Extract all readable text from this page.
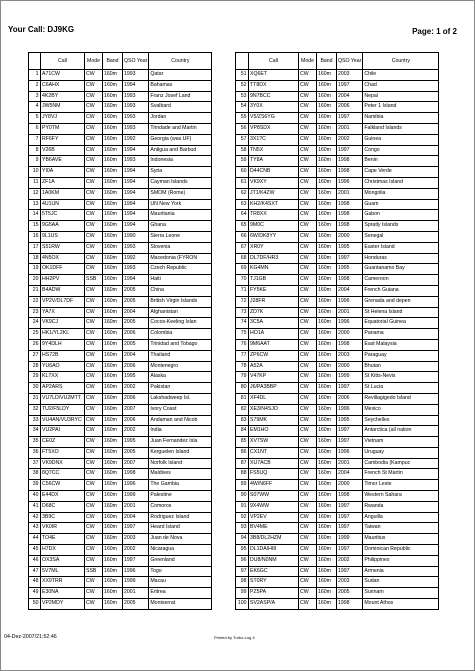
Your Call: DJ9KG	Page: 1 of 2
	Call	Mode	Band	QSO Year	Country
1	A71CW	CW	160m	1993	Qatar
2	C6AHX	CW	160m	1994	Bahamas
3	4K2BY	CW	160m	1993	Franz Josef Land
4	JW5NM	CW	160m	1993	Svalbard
5	JY8VJ	CW	160m	1993	Jordan
6	PY0TM	CW	160m	1993	Trindade and Martin
7	RF6FY	CW	160m	1992	Georgia (was UF)
8	V26B	CW	160m	1994	Antigua and Barbud
9	YB6AVE	CW	160m	1993	Indonesia
10	YI0A	CW	160m	1994	Syria
11	ZF1A	CW	160m	1994	Cayman Islands
12	1A0KM	CW	160m	1994	SMOM (Rome)
13	4U1UN	CW	160m	1994	UN New York
14	5T5JC	CW	160m	1994	Mauritania
15	9G5AA	CW	160m	1994	Ghana
16	9L1US	CW	160m	1990	Sierra Leone
17	S51RW	CW	160m	1993	Slovenia
18	4N5OX	CW	160m	1992	Macedonia (FYRON
19	OK1DFF	CW	160m	1993	Czech Republic
20	HH2PV	SSB	160m	1994	Haiti
21	B4ADW	CW	160m	2005	China
22	VP2V/DL7DF	CW	160m	2005	British Virgin Islands
23	YA7X	CW	160m	2004	Afghanistan
24	VK9CJ	CW	160m	2005	Cocos-Keeling Islan
25	HK1/YL2KL	CW	160m	2006	Colombia
26	9Y4DLH	CW	160m	2005	Trinidad and Tobago
27	HS72B	CW	160m	2004	Thailand
28	YU6AO	CW	160m	2006	Montenegro
29	KL7XX	CW	160m	1995	Alaska
30	AP2ARS	CW	160m	2002	Pakistan
31	VU7LD/VU2MTT	CW	160m	2006	Lakshadweep Isl.
32	TU2/F5LDY	CW	160m	2007	Ivory Coast
33	VU4AN/VU3RYC	CW	160m	2006	Andaman and Nicob
34	VU2PAI	CW	160m	2002	India
35	CE0Z	CW	160m	1995	Juan Fernandez Isla
36	FT5XO	CW	160m	2005	Kerguelen Island
37	VK9DNX	CW	160m	2007	Norfolk Island
38	8Q7CC	CW	160m	1998	Maldives
39	C56CW	CW	160m	1996	The Gambia
40	E44DX	CW	160m	1999	Palestine
41	D68C	CW	160m	2001	Comoros
42	3B9C	CW	160m	2004	Rodriguez Island
43	VK0IR	CW	160m	1997	Heard Island
44	TO4E	CW	160m	2003	Juan de Nova
45	H7DX	CW	160m	2002	Nicaragua
46	OX3SA	CW	160m	1997	Greenland
47	5V7ML	SSB	160m	1996	Togo
48	XX9TRR	CW	160m	1999	Macau
49	E30NA	CW	160m	2001	Eritrea
50	VP2MDY	CW	160m	2005	Montserrat
	Call	Mode	Band	QSO Year	Country
51	XQ6ET	CW	160m	2003	Chile
52	TT8DX	CW	160m	1997	Chad
53	9N7BCC	CW	160m	2004	Nepal
54	3Y0X	CW	160m	2006	Peter 1 Island
55	V5/ZS6YG	CW	160m	1997	Namibia
56	VP8SDX	CW	160m	2001	Falkland Islands
57	3X1?C	CW	160m	2002	Guinea
58	TN5X	CW	160m	1997	Congo
59	TY8A	CW	160m	1998	Benin
60	D44CNB	CW	160m	1998	Cape Verde
61	VK9XY	CW	160m	1996	Christmas Island
62	JT1/K4ZW	CW	160m	2001	Mongolia
63	KH2/K4SXT	CW	160m	1998	Guam
64	TR8XX	CW	160m	1998	Gabon
65	9M0C	CW	160m	1998	Spratly Islands
66	6W/DK8YY	CW	160m	2000	Senegal
67	XR0Y	CW	160m	1995	Easter Island
68	DL7DF/HR3	CW	160m	1997	Honduras
69	KG4MN	CW	160m	1995	Guantanamo Bay
70	TJ1GB	CW	160m	1998	Cameroon
71	FY5KE	CW	160m	2004	French Guiana
72	J28FR	CW	160m	1996	Grenada and depen
73	ZD7K	CW	160m	2001	St Helena Island
74	3C5A	CW	160m	1996	Equatorial Guinea
75	HO1A	CW	160m	2000	Panama
76	9M6AAT	CW	160m	1998	East Malaysia
77	ZP6CW	CW	160m	2003	Paraguay
78	A52A	CW	160m	2000	Bhutan
79	V47KP	CW	160m	1999	St Kitts-Nevis
80	J6/PA3BBP	CW	160m	1997	St Lucia
81	XF4DL	CW	160m	2006	Revillagigedo Island
82	XE3/N4SJO	CW	160m	1996	Mexico
83	S79MK	CW	160m	1995	Seychelles
84	EM1HO	CW	160m	1997	Antarctica (all nation
85	XV7SW	CW	160m	1997	Vietnam
86	CX1NT	CW	160m	1996	Uruguay
87	XU7ACB	CW	160m	2001	Cambodia (Kampuc
88	FS5UQ	CW	160m	2004	French St Martin
89	4W/N6FF	CW	160m	2000	Timor Leste
90	S07WW	CW	160m	1998	Western Sahara
91	9X4WW	CW	160m	1997	Rwanda
92	VP2EV	CW	160m	1997	Anguilla
93	BV4ME	CW	160m	1997	Taiwan
94	3B8/DL2HZM	CW	160m	1999	Mauritius
95	DL1DA/HI8	CW	160m	1997	Dominican Republic
96	DU8/N0NM	CW	160m	2002	Philippines
97	EK6GC	CW	160m	1997	Armenia
98	ST0RY	CW	160m	2003	Sudan
99	PZ5PA	CW	160m	2005	Surinam
100	SV2ASP/A	CW	160m	1998	Mount Athos
04-Dez-2007/21:52:46	Printed by Turbo-Log 4
